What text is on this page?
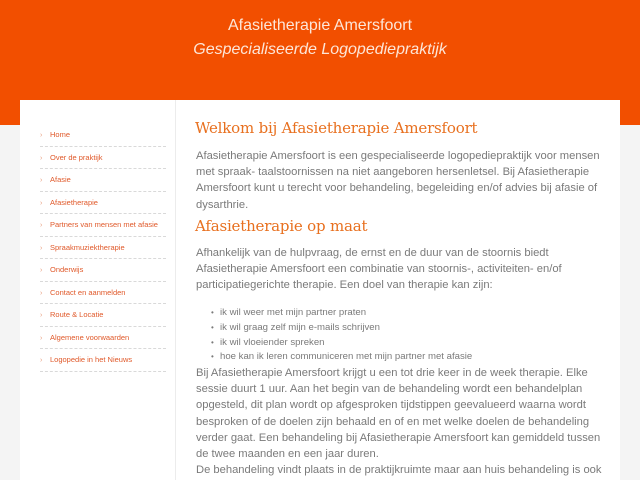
Afasietherapie Amersfoort
Gespecialiseerde Logopediepraktijk
› Home
› Over de praktijk
› Afasie
› Afasietherapie
› Partners van mensen met afasie
› Spraakmuziektherapie
› Onderwijs
› Contact en aanmelden
› Route & Locatie
› Algemene voorwaarden
› Logopedie in het Nieuws
Welkom bij Afasietherapie Amersfoort

Afasietherapie Amersfoort is een gespecialiseerde logopediepraktijk voor mensen met spraak- taalstoornissen na niet aangeboren hersenletsel. Bij Afasietherapie Amersfoort kunt u terecht voor behandeling, begeleiding en/of advies bij afasie of dysarthrie.

Afasietherapie op maat

Afhankelijk van de hulpvraag, de ernst en de duur van de stoornis biedt Afasietherapie Amersfoort een combinatie van stoornis-, activiteiten- en/of participatiegerichte therapie. Een doel van therapie kan zijn:

• ik wil weer met mijn partner praten
• ik wil graag zelf mijn e-mails schrijven
• ik wil vloeiender spreken
• hoe kan ik leren communiceren met mijn partner met afasie

Bij Afasietherapie Amersfoort krijgt u een tot drie keer in de week therapie. Elke sessie duurt 1 uur. Aan het begin van de behandeling wordt een behandelplan opgesteld, dit plan wordt op afgesproken tijdstippen geevalueerd waarna wordt besproken of de doelen zijn behaald en of en met welke doelen de behandeling verder gaat. Een behandeling bij Afasietherapie Amersfoort kan gemiddeld tussen de twee maanden en een jaar duren.

De behandeling vindt plaats in de praktijkruimte maar aan huis behandeling is ook
